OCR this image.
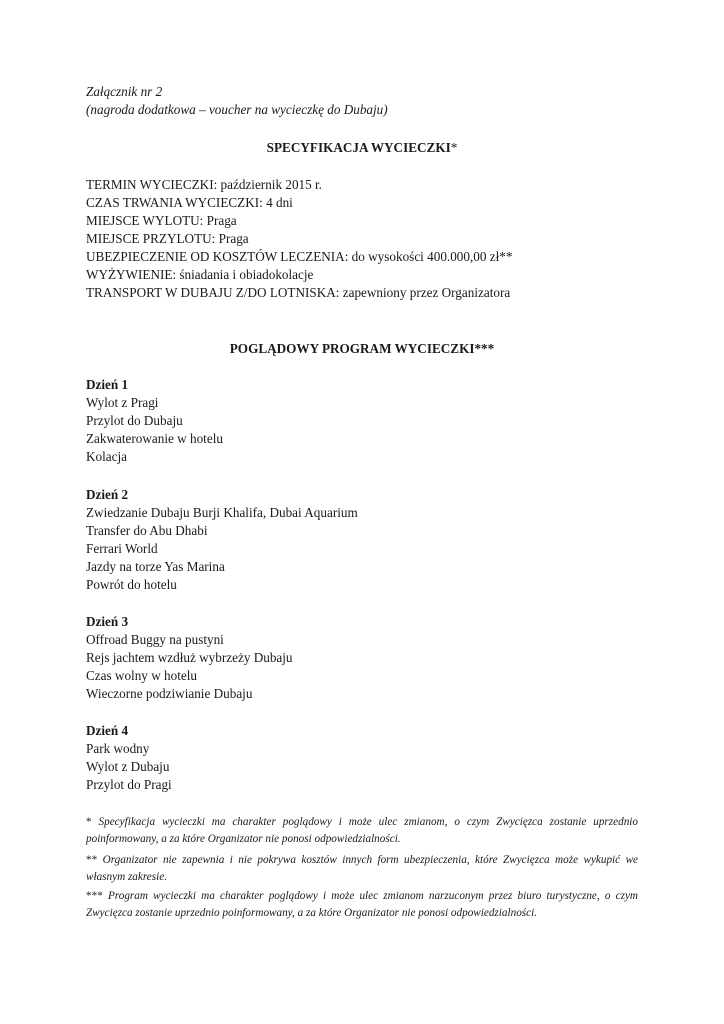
Załącznik nr 2
(nagroda dodatkowa – voucher na wycieczkę do Dubaju)
SPECYFIKACJA WYCIECZKI*
TERMIN WYCIECZKI: październik 2015 r.
CZAS TRWANIA WYCIECZKI: 4 dni
MIEJSCE WYLOTU: Praga
MIEJSCE PRZYLOTU: Praga
UBEZPIECZENIE OD KOSZTÓW LECZENIA: do wysokości 400.000,00 zł**
WYŻYWIENIE: śniadania i obiadokolacje
TRANSPORT W DUBAJU Z/DO LOTNISKA: zapewniony przez Organizatora
POGLĄDOWY PROGRAM WYCIECZKI***
Dzień 1
Wylot z Pragi
Przylot do Dubaju
Zakwaterowanie w hotelu
Kolacja
Dzień 2
Zwiedzanie Dubaju Burji Khalifa, Dubai Aquarium
Transfer do Abu Dhabi
Ferrari World
Jazdy na torze Yas Marina
Powrót do hotelu
Dzień 3
Offroad Buggy na pustyni
Rejs jachtem wzdłuż wybrzeży Dubaju
Czas wolny w hotelu
Wieczorne podziwianie Dubaju
Dzień 4
Park wodny
Wylot z Dubaju
Przylot do Pragi
* Specyfikacja wycieczki ma charakter poglądowy i może ulec zmianom, o czym Zwycięzca zostanie uprzednio poinformowany, a za które Organizator nie ponosi odpowiedzialności.
** Organizator nie zapewnia i nie pokrywa kosztów innych form ubezpieczenia, które Zwycięzca może wykupić we własnym zakresie.
*** Program wycieczki ma charakter poglądowy i może ulec zmianom narzuconym przez biuro turystyczne, o czym Zwycięzca zostanie uprzednio poinformowany, a za które Organizator nie ponosi odpowiedzialności.
